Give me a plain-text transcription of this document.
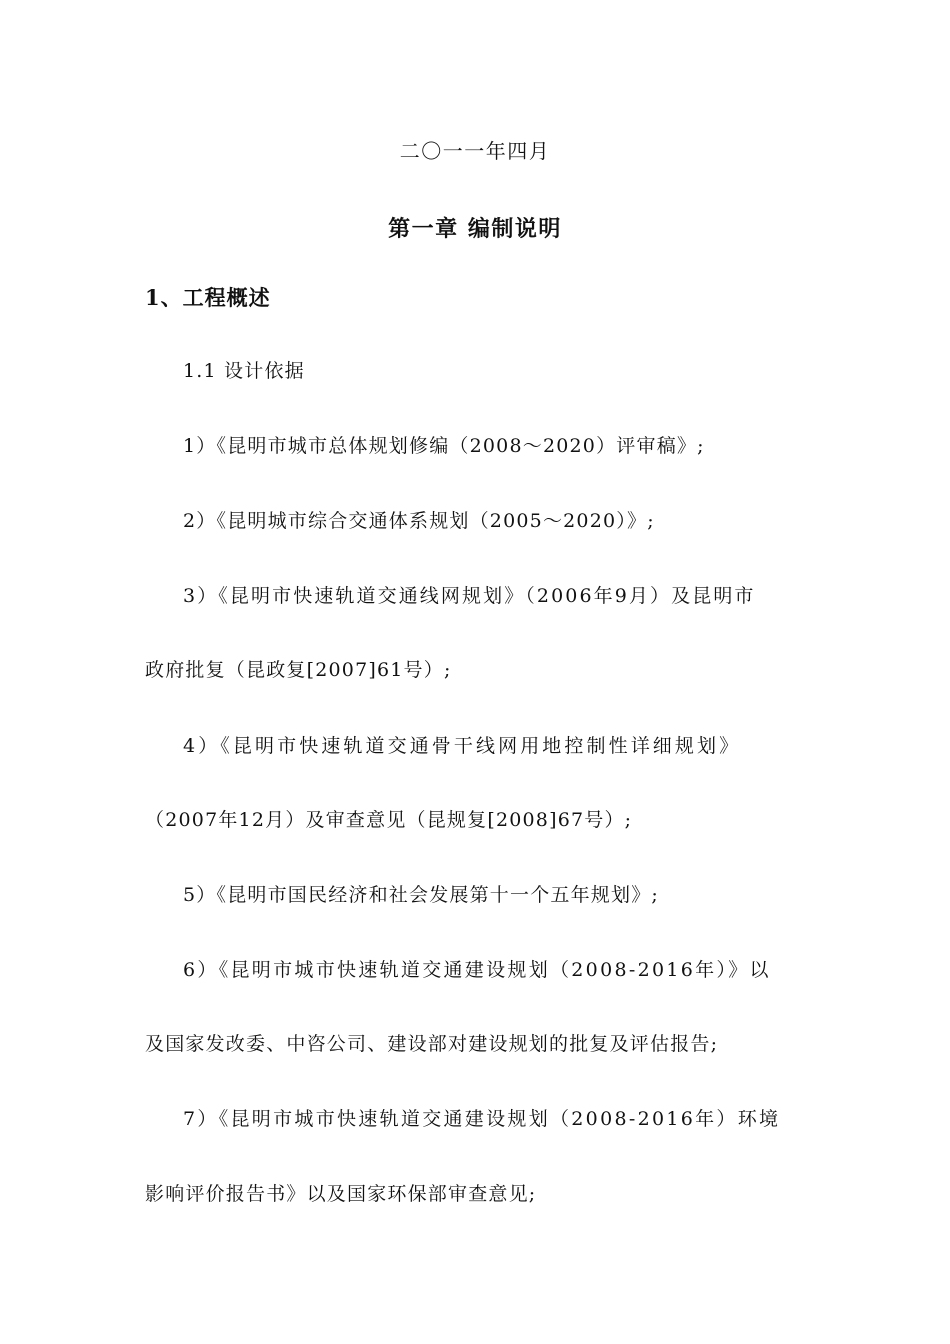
二〇一一年四月
第一章 编制说明
1、工程概述
1.1 设计依据
1）《昆明市城市总体规划修编（2008～2020）评审稿》;
2）《昆明城市综合交通体系规划（2005～2020）》;
3）《昆明市快速轨道交通线网规划》（2006年9月）及昆明市
政府批复（昆政复[2007]61号）;
4）《昆明市快速轨道交通骨干线网用地控制性详细规划》
（2007年12月）及审查意见（昆规复[2008]67号）;
5）《昆明市国民经济和社会发展第十一个五年规划》;
6）《昆明市城市快速轨道交通建设规划（2008-2016年）》以
及国家发改委、中咨公司、建设部对建设规划的批复及评估报告;
7）《昆明市城市快速轨道交通建设规划（2008-2016年）环境
影响评价报告书》以及国家环保部审查意见;
